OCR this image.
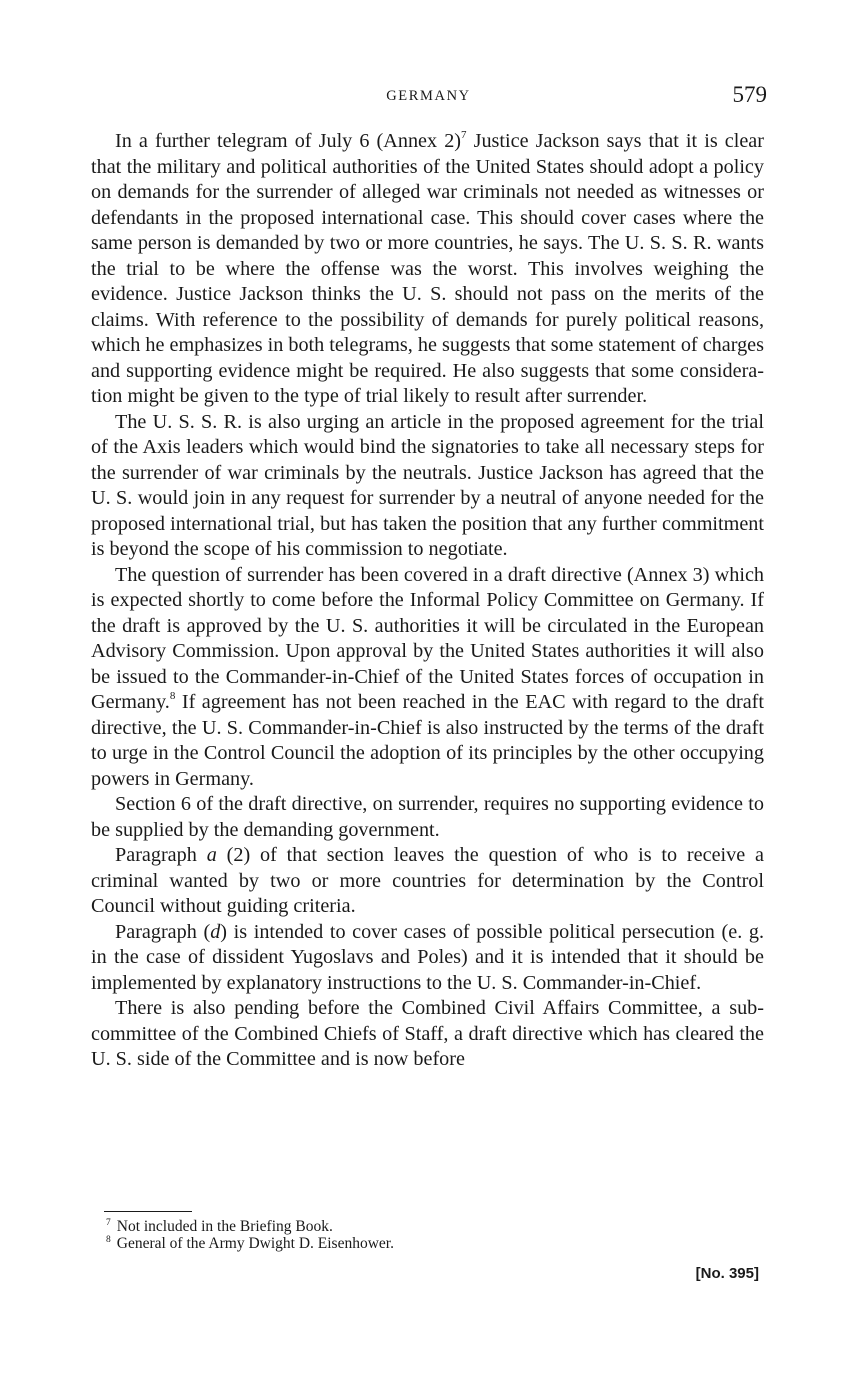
GERMANY	579

In a further telegram of July 6 (Annex 2)$^7$ Justice Jackson says that it is clear that the military and political authorities of the United States should adopt a policy on demands for the surrender of alleged war criminals not needed as witnesses or defendants in the proposed international case. This should cover cases where the same person is demanded by two or more countries, he says. The U. S. S. R. wants the trial to be where the offense was the worst. This involves weighing the evidence. Justice Jackson thinks the U. S. should not pass on the merits of the claims. With reference to the possibility of demands for purely political reasons, which he emphasizes in both telegrams, he suggests that some statement of charges and supporting evidence might be required. He also suggests that some consideration might be given to the type of trial likely to result after surrender.

The U. S. S. R. is also urging an article in the proposed agreement for the trial of the Axis leaders which would bind the signatories to take all necessary steps for the surrender of war criminals by the neutrals. Justice Jackson has agreed that the U. S. would join in any request for surrender by a neutral of anyone needed for the proposed international trial, but has taken the position that any further commitment is beyond the scope of his commission to negotiate.

The question of surrender has been covered in a draft directive (Annex 3) which is expected shortly to come before the Informal Policy Committee on Germany. If the draft is approved by the U. S. authorities it will be circulated in the European Advisory Commission. Upon approval by the United States authorities it will also be issued to the Commander-in-Chief of the United States forces of occupation in Germany.$^8$ If agreement has not been reached in the EAC with regard to the draft directive, the U. S. Commander-in-Chief is also instructed by the terms of the draft to urge in the Control Council the adoption of its principles by the other occupying powers in Germany.

Section 6 of the draft directive, on surrender, requires no supporting evidence to be supplied by the demanding government.

Paragraph a (2) of that section leaves the question of who is to receive a criminal wanted by two or more countries for determination by the Control Council without guiding criteria.

Paragraph (d) is intended to cover cases of possible political persecution (e. g. in the case of dissident Yugoslavs and Poles) and it is intended that it should be implemented by explanatory instructions to the U. S. Commander-in-Chief.

There is also pending before the Combined Civil Affairs Committee, a sub-committee of the Combined Chiefs of Staff, a draft directive which has cleared the U. S. side of the Committee and is now before

$^7$ Not included in the Briefing Book.

$^8$ General of the Army Dwight D. Eisenhower.

[No. 395]
